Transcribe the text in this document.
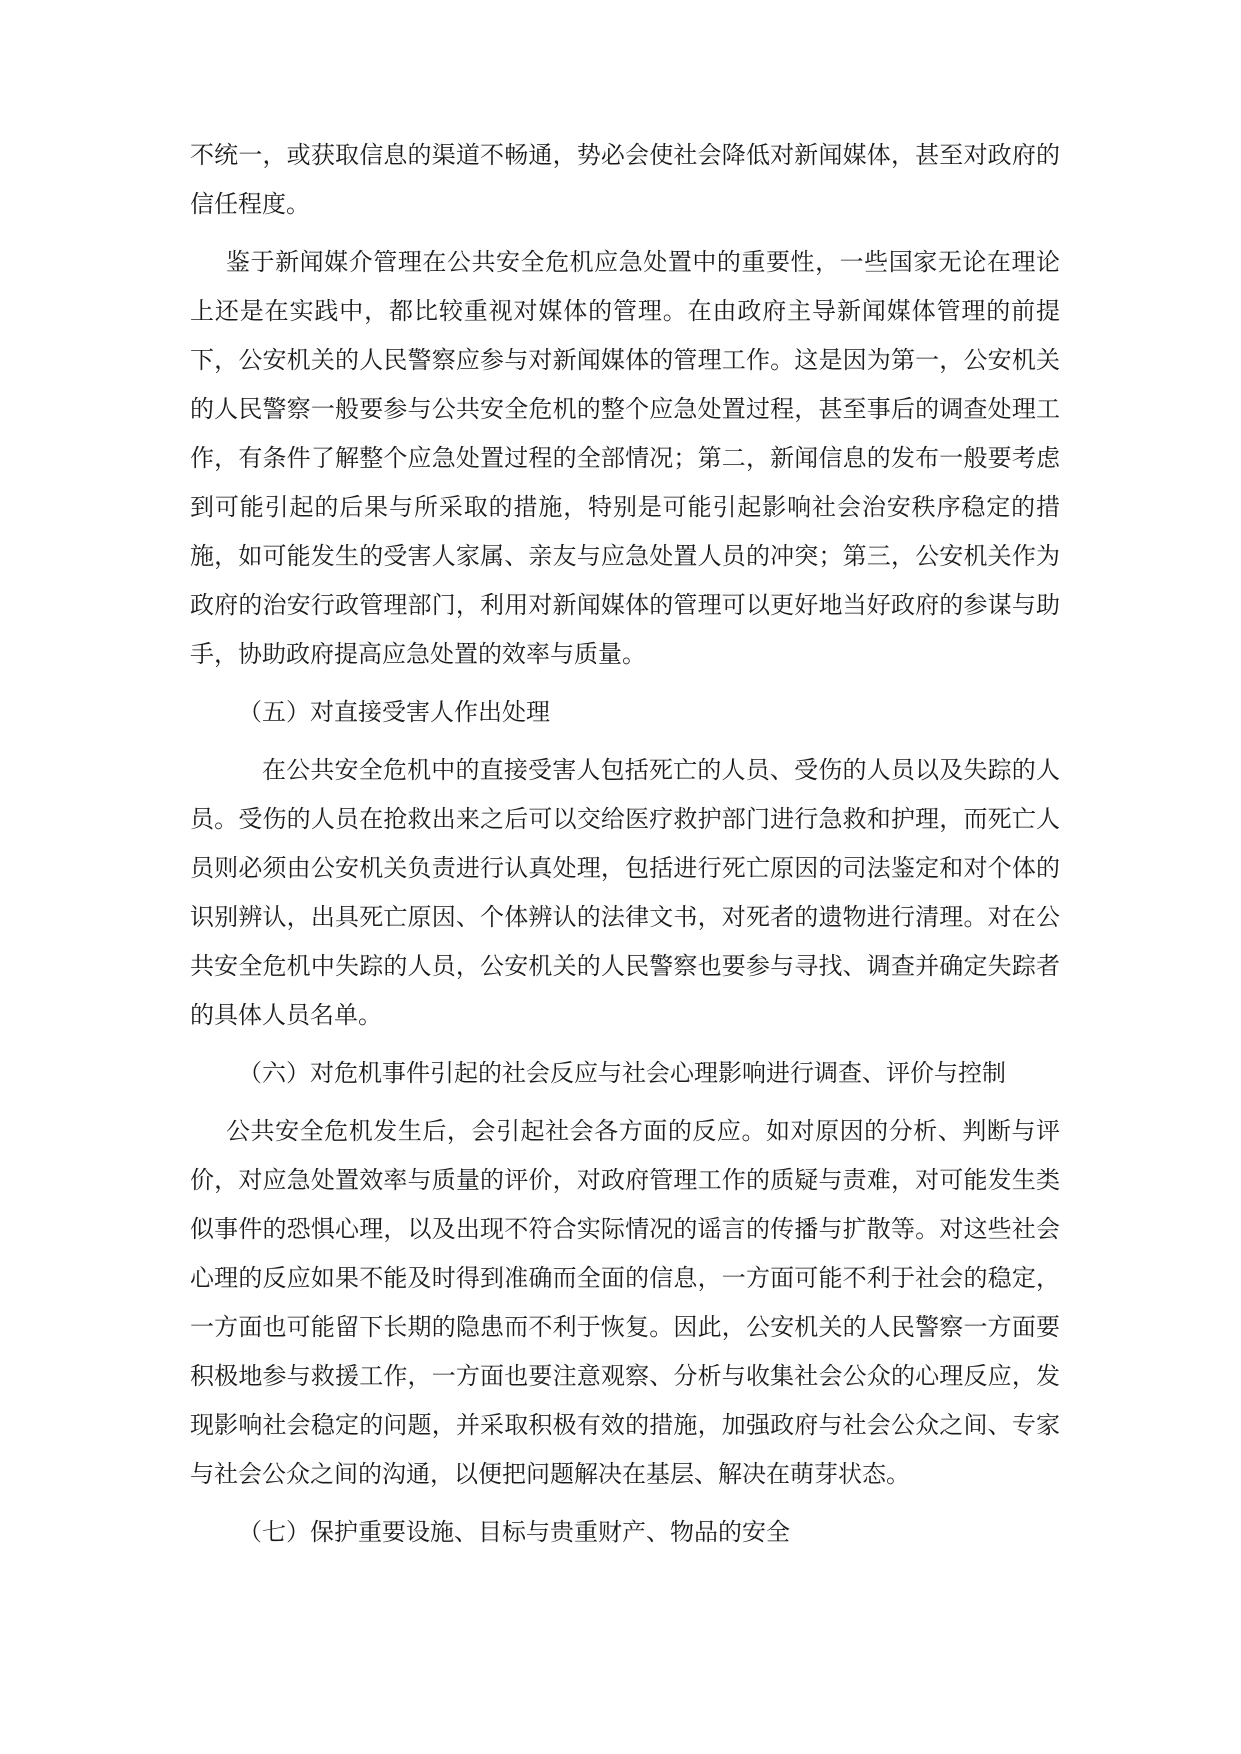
不统一，或获取信息的渠道不畅通，势必会使社会降低对新闻媒体，甚至对政府的信任程度。

鉴于新闻媒介管理在公共安全危机应急处置中的重要性，一些国家无论在理论上还是在实践中，都比较重视对媒体的管理。在由政府主导新闻媒体管理的前提下，公安机关的人民警察应参与对新闻媒体的管理工作。这是因为第一，公安机关的人民警察一般要参与公共安全危机的整个应急处置过程，甚至事后的调查处理工作，有条件了解整个应急处置过程的全部情况；第二，新闻信息的发布一般要考虑到可能引起的后果与所采取的措施，特别是可能引起影响社会治安秩序稳定的措施，如可能发生的受害人家属、亲友与应急处置人员的冲突；第三，公安机关作为政府的治安行政管理部门，利用对新闻媒体的管理可以更好地当好政府的参谋与助手，协助政府提高应急处置的效率与质量。

（五）对直接受害人作出处理

在公共安全危机中的直接受害人包括死亡的人员、受伤的人员以及失踪的人员。受伤的人员在抢救出来之后可以交给医疗救护部门进行急救和护理，而死亡人员则必须由公安机关负责进行认真处理，包括进行死亡原因的司法鉴定和对个体的识别辨认，出具死亡原因、个体辨认的法律文书，对死者的遗物进行清理。对在公共安全危机中失踪的人员，公安机关的人民警察也要参与寻找、调查并确定失踪者的具体人员名单。

（六）对危机事件引起的社会反应与社会心理影响进行调查、评价与控制

公共安全危机发生后，会引起社会各方面的反应。如对原因的分析、判断与评价，对应急处置效率与质量的评价，对政府管理工作的质疑与责难，对可能发生类似事件的恐惧心理，以及出现不符合实际情况的谣言的传播与扩散等。对这些社会心理的反应如果不能及时得到准确而全面的信息，一方面可能不利于社会的稳定，一方面也可能留下长期的隐患而不利于恢复。因此，公安机关的人民警察一方面要积极地参与救援工作，一方面也要注意观察、分析与收集社会公众的心理反应，发现影响社会稳定的问题，并采取积极有效的措施，加强政府与社会公众之间、专家与社会公众之间的沟通，以便把问题解决在基层、解决在萌芽状态。

（七）保护重要设施、目标与贵重财产、物品的安全
